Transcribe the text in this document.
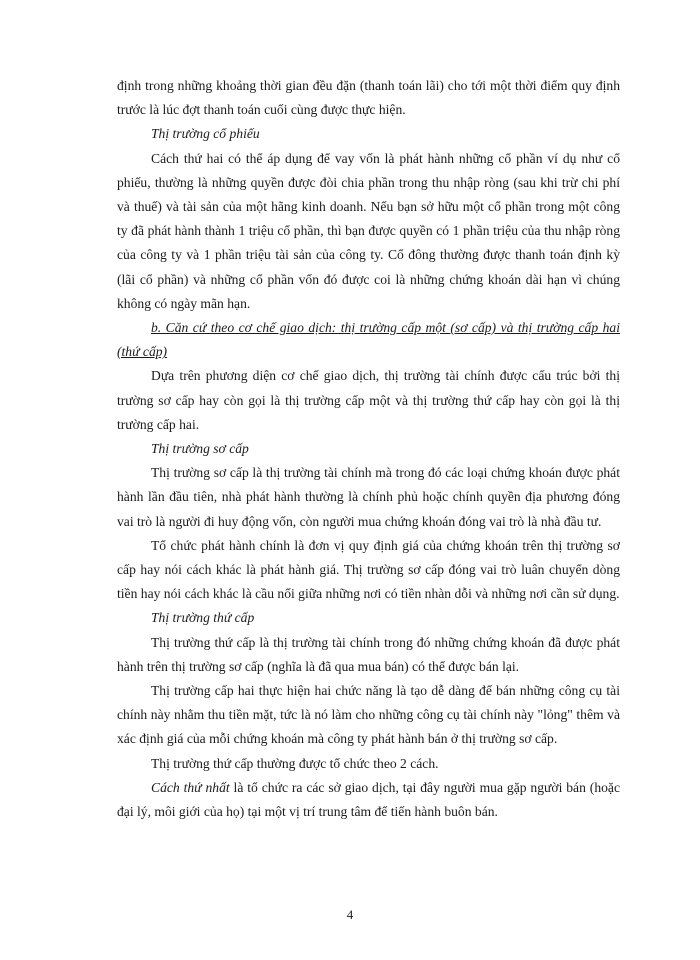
định trong những khoảng thời gian đều đặn (thanh toán lãi) cho tới một thời điểm quy định trước là lúc đợt thanh toán cuối cùng được thực hiện.

Thị trường cổ phiếu

Cách thứ hai có thể áp dụng để vay vốn là phát hành những cổ phần ví dụ như cổ phiếu, thường là những quyền được đòi chia phần trong thu nhập ròng (sau khi trừ chi phí và thuế) và tài sản của một hãng kinh doanh. Nếu bạn sở hữu một cổ phần trong một công ty đã phát hành thành 1 triệu cổ phần, thì bạn được quyền có 1 phần triệu của thu nhập ròng của công ty và 1 phần triệu tài sản của công ty. Cổ đông thường được thanh toán định kỳ (lãi cổ phần) và những cổ phần vốn đó được coi là những chứng khoán dài hạn vì chúng không có ngày mãn hạn.

b. Căn cứ theo cơ chế giao dịch: thị trường cấp một (sơ cấp) và thị trường cấp hai (thứ cấp)

Dựa trên phương diện cơ chế giao dịch, thị trường tài chính được cấu trúc bởi thị trường sơ cấp hay còn gọi là thị trường cấp một và thị trường thứ cấp hay còn gọi là thị trường cấp hai.

Thị trường sơ cấp

Thị trường sơ cấp là thị trường tài chính mà trong đó các loại chứng khoán được phát hành lần đầu tiên, nhà phát hành thường là chính phủ hoặc chính quyền địa phương đóng vai trò là người đi huy động vốn, còn người mua chứng khoán đóng vai trò là nhà đầu tư.

Tổ chức phát hành chính là đơn vị quy định giá của chứng khoán trên thị trường sơ cấp hay nói cách khác là phát hành giá. Thị trường sơ cấp đóng vai trò luân chuyển dòng tiền hay nói cách khác là cầu nối giữa những nơi có tiền nhàn dỗi và những nơi cần sử dụng.

Thị trường thứ cấp

Thị trường thứ cấp là thị trường tài chính trong đó những chứng khoán đã được phát hành trên thị trường sơ cấp (nghĩa là đã qua mua bán) có thể được bán lại.

Thị trường cấp hai thực hiện hai chức năng là tạo dễ dàng để bán những công cụ tài chính này nhằm thu tiền mặt, tức là nó làm cho những công cụ tài chính này "lỏng" thêm và xác định giá của mỗi chứng khoán mà công ty phát hành bán ở thị trường sơ cấp.

Thị trường thứ cấp thường được tổ chức theo 2 cách.

Cách thứ nhất là tổ chức ra các sở giao dịch, tại đây người mua gặp người bán (hoặc đại lý, môi giới của họ) tại một vị trí trung tâm để tiến hành buôn bán.

4
